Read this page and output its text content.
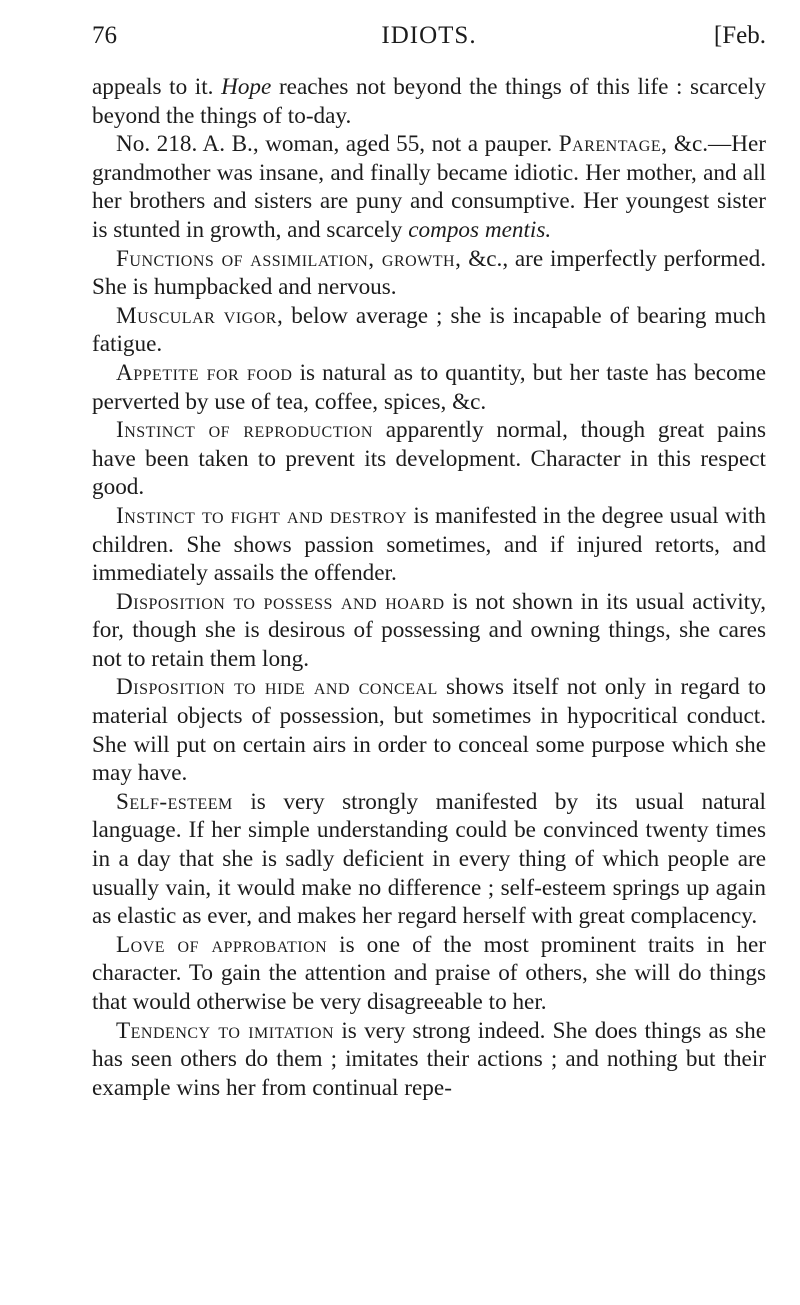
76	IDIOTS.	[Feb.

appeals to it. Hope reaches not beyond the things of this life : scarcely beyond the things of to-day.

No. 218. A. B., woman, aged 55, not a pauper. Parentage, &c.—Her grandmother was insane, and finally became idiotic. Her mother, and all her brothers and sisters are puny and consumptive. Her youngest sister is stunted in growth, and scarcely compos mentis.

Functions of assimilation, growth, &c., are imperfectly performed. She is humpbacked and nervous.

Muscular vigor, below average ; she is incapable of bearing much fatigue.

Appetite for food is natural as to quantity, but her taste has become perverted by use of tea, coffee, spices, &c.

Instinct of reproduction apparently normal, though great pains have been taken to prevent its development. Character in this respect good.

Instinct to fight and destroy is manifested in the degree usual with children. She shows passion sometimes, and if injured retorts, and immediately assails the offender.

Disposition to possess and hoard is not shown in its usual activity, for, though she is desirous of possessing and owning things, she cares not to retain them long.

Disposition to hide and conceal shows itself not only in regard to material objects of possession, but sometimes in hypocritical conduct. She will put on certain airs in order to conceal some purpose which she may have.

Self-esteem is very strongly manifested by its usual natural language. If her simple understanding could be convinced twenty times in a day that she is sadly deficient in every thing of which people are usually vain, it would make no difference ; self-esteem springs up again as elastic as ever, and makes her regard herself with great complacency.

Love of approbation is one of the most prominent traits in her character. To gain the attention and praise of others, she will do things that would otherwise be very disagreeable to her.

Tendency to imitation is very strong indeed. She does things as she has seen others do them ; imitates their actions ; and nothing but their example wins her from continual repe-
